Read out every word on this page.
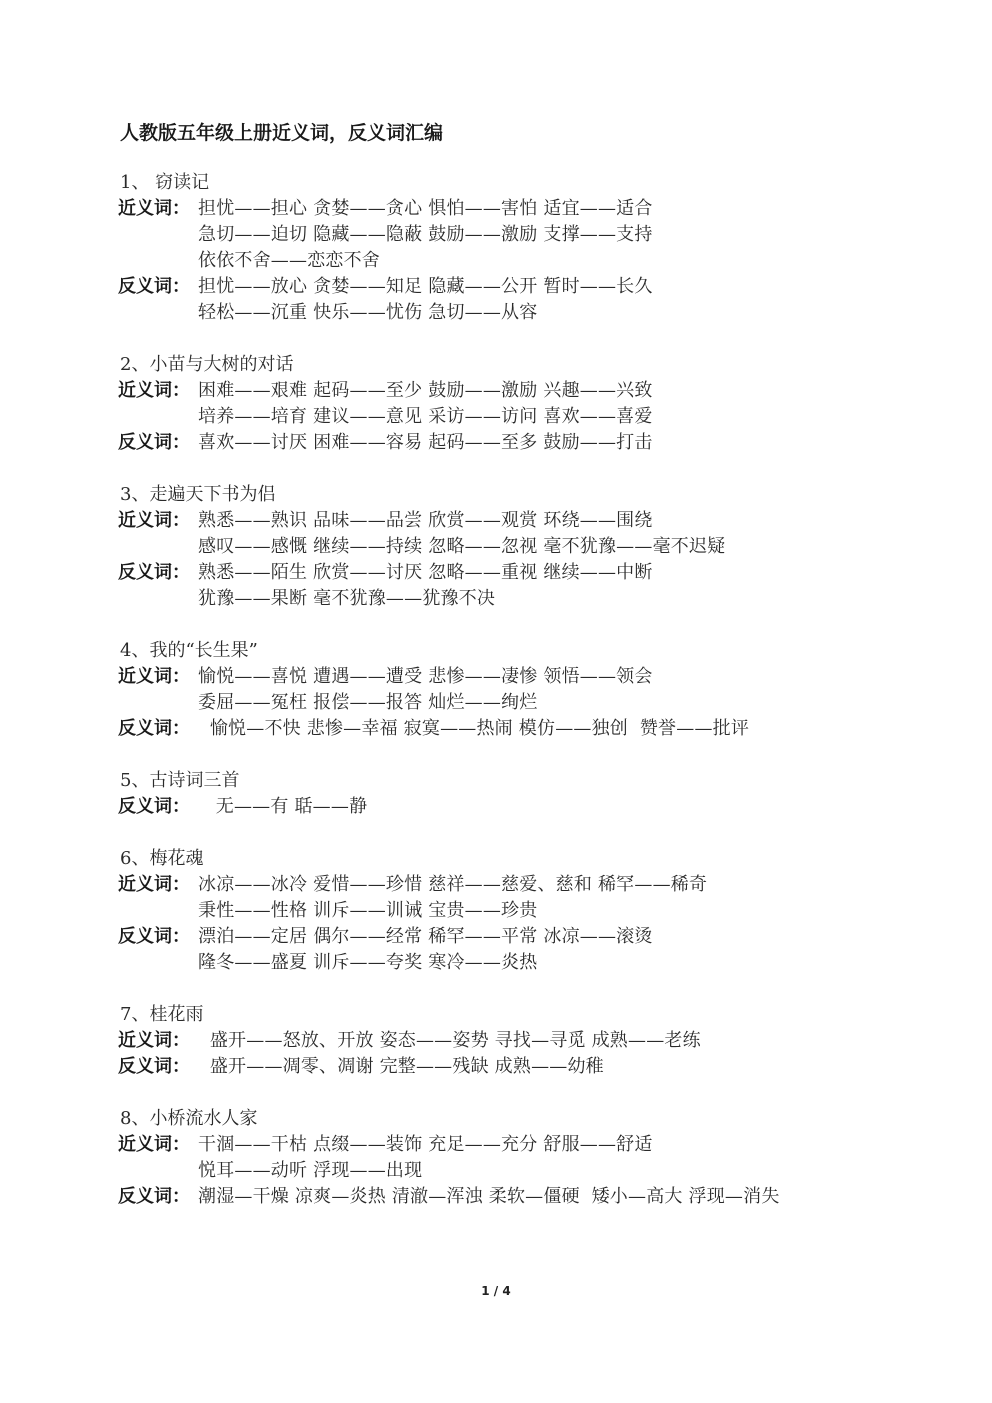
人教版五年级上册近义词，反义词汇编
1、 窃读记
近义词： 担忧——担心 贪婪——贪心 惧怕——害怕 适宜——适合
急切——迫切 隐藏——隐蔽 鼓励——激励 支撑——支持
依依不舍——恋恋不舍
反义词： 担忧——放心 贪婪——知足 隐藏——公开 暂时——长久
轻松——沉重 快乐——忧伤 急切——从容
2、小苗与大树的对话
近义词： 困难——艰难 起码——至少 鼓励——激励 兴趣——兴致
培养——培育 建议——意见 采访——访问 喜欢——喜爱
反义词： 喜欢——讨厌 困难——容易 起码——至多 鼓励——打击
3、走遍天下书为侣
近义词： 熟悉——熟识 品味——品尝 欣赏——观赏 环绕——围绕
感叹——感慨 继续——持续 忽略——忽视 毫不犹豫——毫不迟疑
反义词： 熟悉——陌生 欣赏——讨厌 忽略——重视 继续——中断
犹豫——果断 毫不犹豫——犹豫不决
4、我的“长生果”
近义词： 愉悦——喜悦 遭遇——遭受 悲惨——凄惨 领悟——领会
委屈——冤枉 报偿——报答 灿烂——绚烂
反义词： 愉悦—不快 悲惨—幸福 寂寞——热闹 模仿——独创  赞誉——批评
5、古诗词三首
反义词： 无——有 聒——静
6、梅花魂
近义词： 冰凉——冰冷 爱惜——珍惜 慈祥——慈爱、慈和 稀罕——稀奇
秉性——性格 训斥——训诫 宝贵——珍贵
反义词： 漂泊——定居 偶尔——经常 稀罕——平常 冰凉——滚烫
隆冬——盛夏 训斥——夸奖 寒冷——炎热
7、桂花雨
近义词： 盛开——怒放、开放 姿态——姿势 寻找—寻觅 成熟——老练
反义词： 盛开——凋零、凋谢 完整——残缺 成熟——幼稚
8、小桥流水人家
近义词： 干涸——干枯 点缀——装饰 充足——充分 舒服——舒适
悦耳——动听 浮现——出现
反义词： 潮湿—干燥 凉爽—炎热 清澈—浑浊 柔软—僵硬  矮小—高大 浮现—消失
1 / 4
